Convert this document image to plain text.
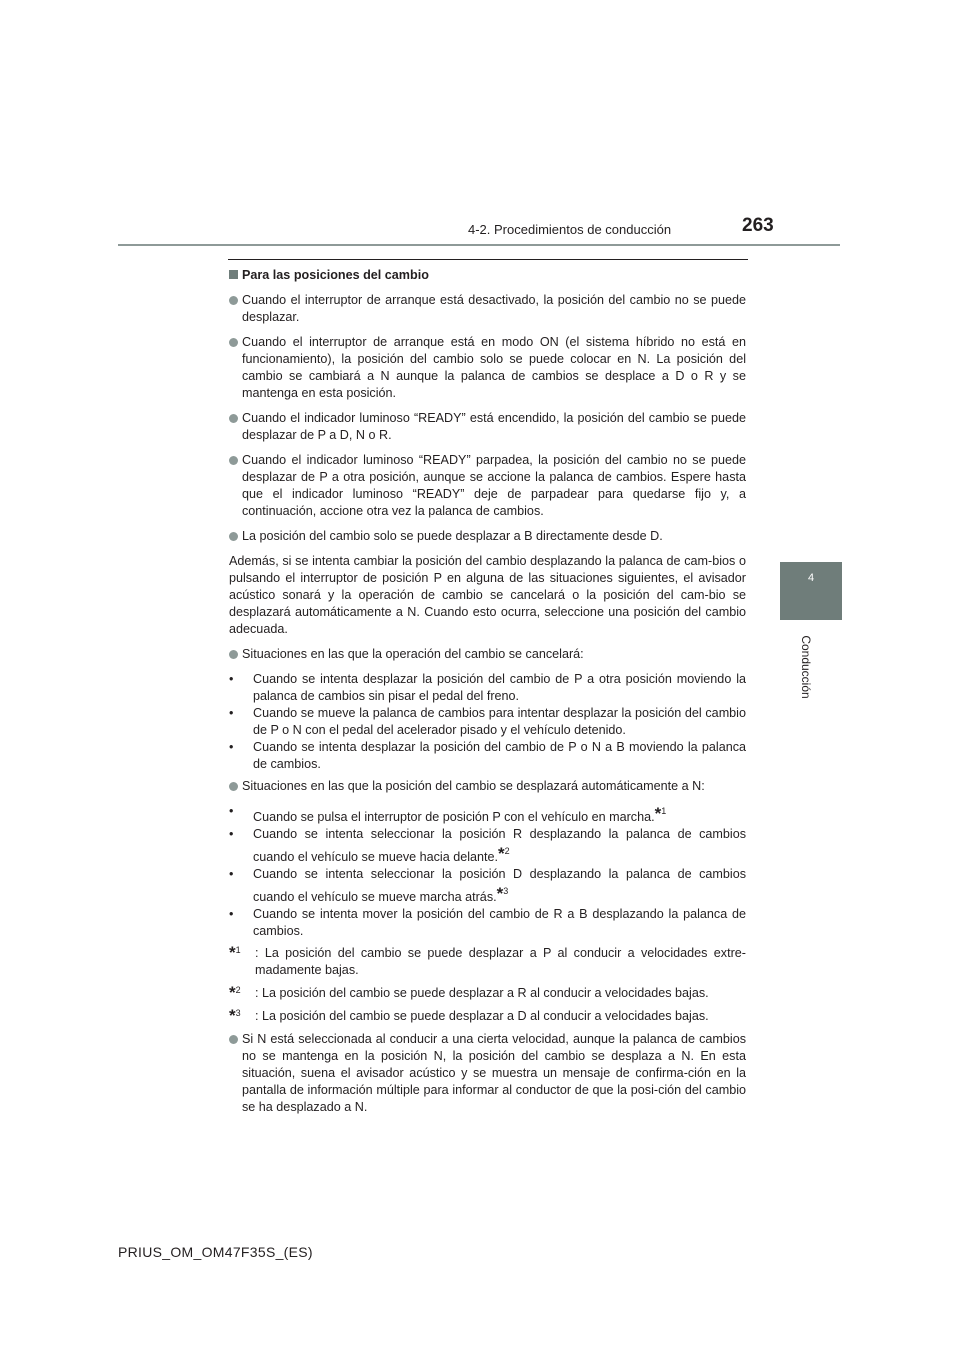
4-2. Procedimientos de conducción	263
4
Conducción

Para las posiciones del cambio

Cuando el interruptor de arranque está desactivado, la posición del cambio no se puede desplazar.

Cuando el interruptor de arranque está en modo ON (el sistema híbrido no está en funcionamiento), la posición del cambio solo se puede colocar en N. La posición del cambio se cambiará a N aunque la palanca de cambios se desplace a D o R y se mantenga en esta posición.

Cuando el indicador luminoso “READY” está encendido, la posición del cambio se puede desplazar de P a D, N o R.

Cuando el indicador luminoso “READY” parpadea, la posición del cambio no se puede desplazar de P a otra posición, aunque se accione la palanca de cambios. Espere hasta que el indicador luminoso “READY” deje de parpadear para quedarse fijo y, a continuación, accione otra vez la palanca de cambios.

La posición del cambio solo se puede desplazar a B directamente desde D.

Además, si se intenta cambiar la posición del cambio desplazando la palanca de cam-bios o pulsando el interruptor de posición P en alguna de las situaciones siguientes, el avisador acústico sonará y la operación de cambio se cancelará o la posición del cam-bio se desplazará automáticamente a N. Cuando esto ocurra, seleccione una posición del cambio adecuada.

Situaciones en las que la operación del cambio se cancelará:

• Cuando se intenta desplazar la posición del cambio de P a otra posición moviendo la palanca de cambios sin pisar el pedal del freno.

• Cuando se mueve la palanca de cambios para intentar desplazar la posición del cambio de P o N con el pedal del acelerador pisado y el vehículo detenido.

• Cuando se intenta desplazar la posición del cambio de P o N a B moviendo la palanca de cambios.

Situaciones en las que la posición del cambio se desplazará automáticamente a N:

• Cuando se pulsa el interruptor de posición P con el vehículo en marcha.*$^1$

• Cuando se intenta seleccionar la posición R desplazando la palanca de cambios cuando el vehículo se mueve hacia delante.*$^2$

• Cuando se intenta seleccionar la posición D desplazando la palanca de cambios cuando el vehículo se mueve marcha atrás.*$^3$

• Cuando se intenta mover la posición del cambio de R a B desplazando la palanca de cambios.

*$^1$ : La posición del cambio se puede desplazar a P al conducir a velocidades extre-madamente bajas.

*$^2$ : La posición del cambio se puede desplazar a R al conducir a velocidades bajas.

*$^3$ : La posición del cambio se puede desplazar a D al conducir a velocidades bajas.

Si N está seleccionada al conducir a una cierta velocidad, aunque la palanca de cambios no se mantenga en la posición N, la posición del cambio se desplaza a N. En esta situación, suena el avisador acústico y se muestra un mensaje de confirma-ción en la pantalla de información múltiple para informar al conductor de que la posi-ción del cambio se ha desplazado a N.

PRIUS_OM_OM47F35S_(ES)
